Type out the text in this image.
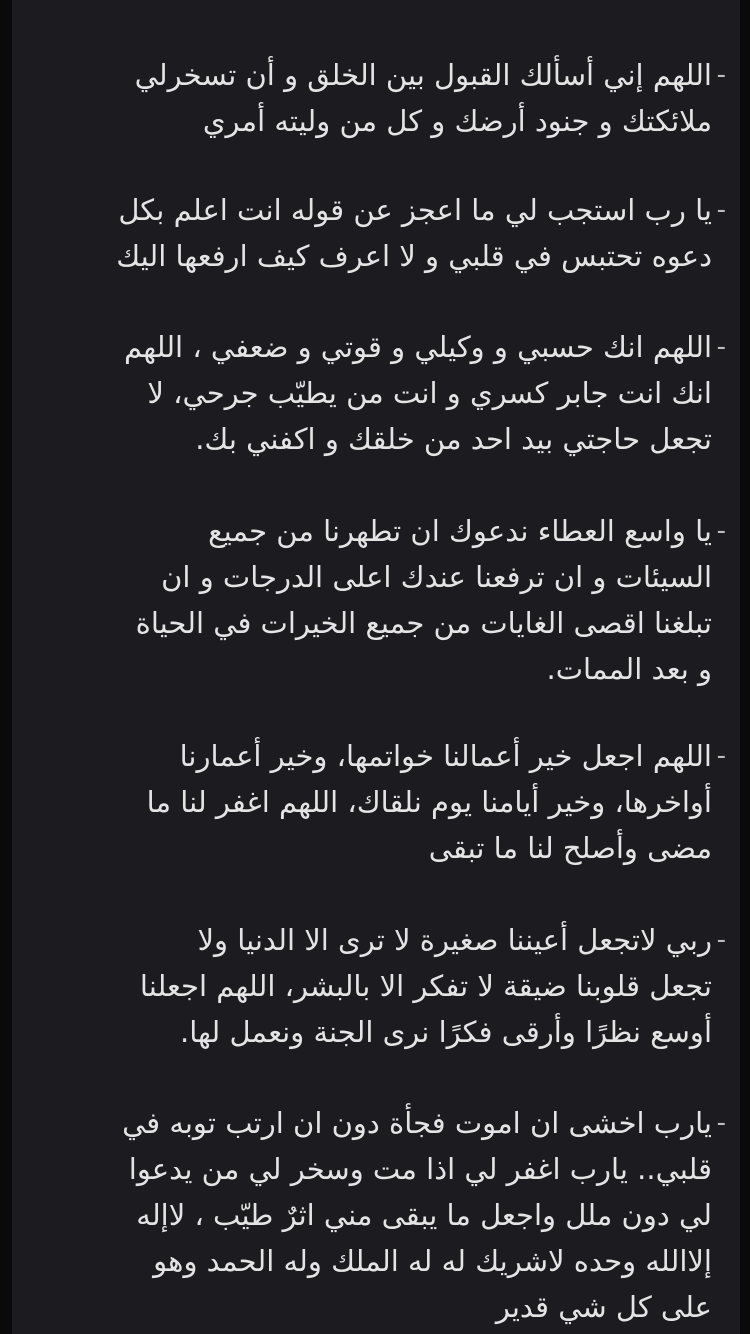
-
اللهم إني أسألك القبول بين الخلق و أن تسخرلي
ملائكتك و جنود أرضك و كل من وليته أمري
-
يا رب استجب لي ما اعجز عن قوله انت اعلم بكل
دعوه تحتبس في قلبي و لا اعرف كيف ارفعها اليك
-
اللهم انك حسبي و وكيلي و قوتي و ضعفي ، اللهم
انك انت جابر كسري و انت من يطيّب جرحي، لا
تجعل حاجتي بيد احد من خلقك و اكفني بك.
-
يا واسع العطاء ندعوك ان تطهرنا من جميع
السيئات و ان ترفعنا عندك اعلى الدرجات و ان
تبلغنا اقصى الغايات من جميع الخيرات في الحياة
و بعد الممات.
-
اللهم اجعل خير أعمالنا خواتمها، وخير أعمارنا
أواخرها، وخير أيامنا يوم نلقاك، اللهم اغفر لنا ما
مضى وأصلح لنا ما تبقى
-
ربي لاتجعل أعيننا صغيرة لا ترى الا الدنيا ولا
تجعل قلوبنا ضيقة لا تفكر الا بالبشر، اللهم اجعلنا
أوسع نظرًا وأرقى فكرًا نرى الجنة ونعمل لها.
-
يارب اخشى ان اموت فجأة دون ان ارتب توبه في
قلبي.. يارب اغفر لي اذا مت وسخر لي من يدعوا
لي دون ملل واجعل ما يبقى مني اثرٌ طيّب ، لاإله
إلاالله وحده لاشريك له له الملك وله الحمد وهو
على كل شي قدير
